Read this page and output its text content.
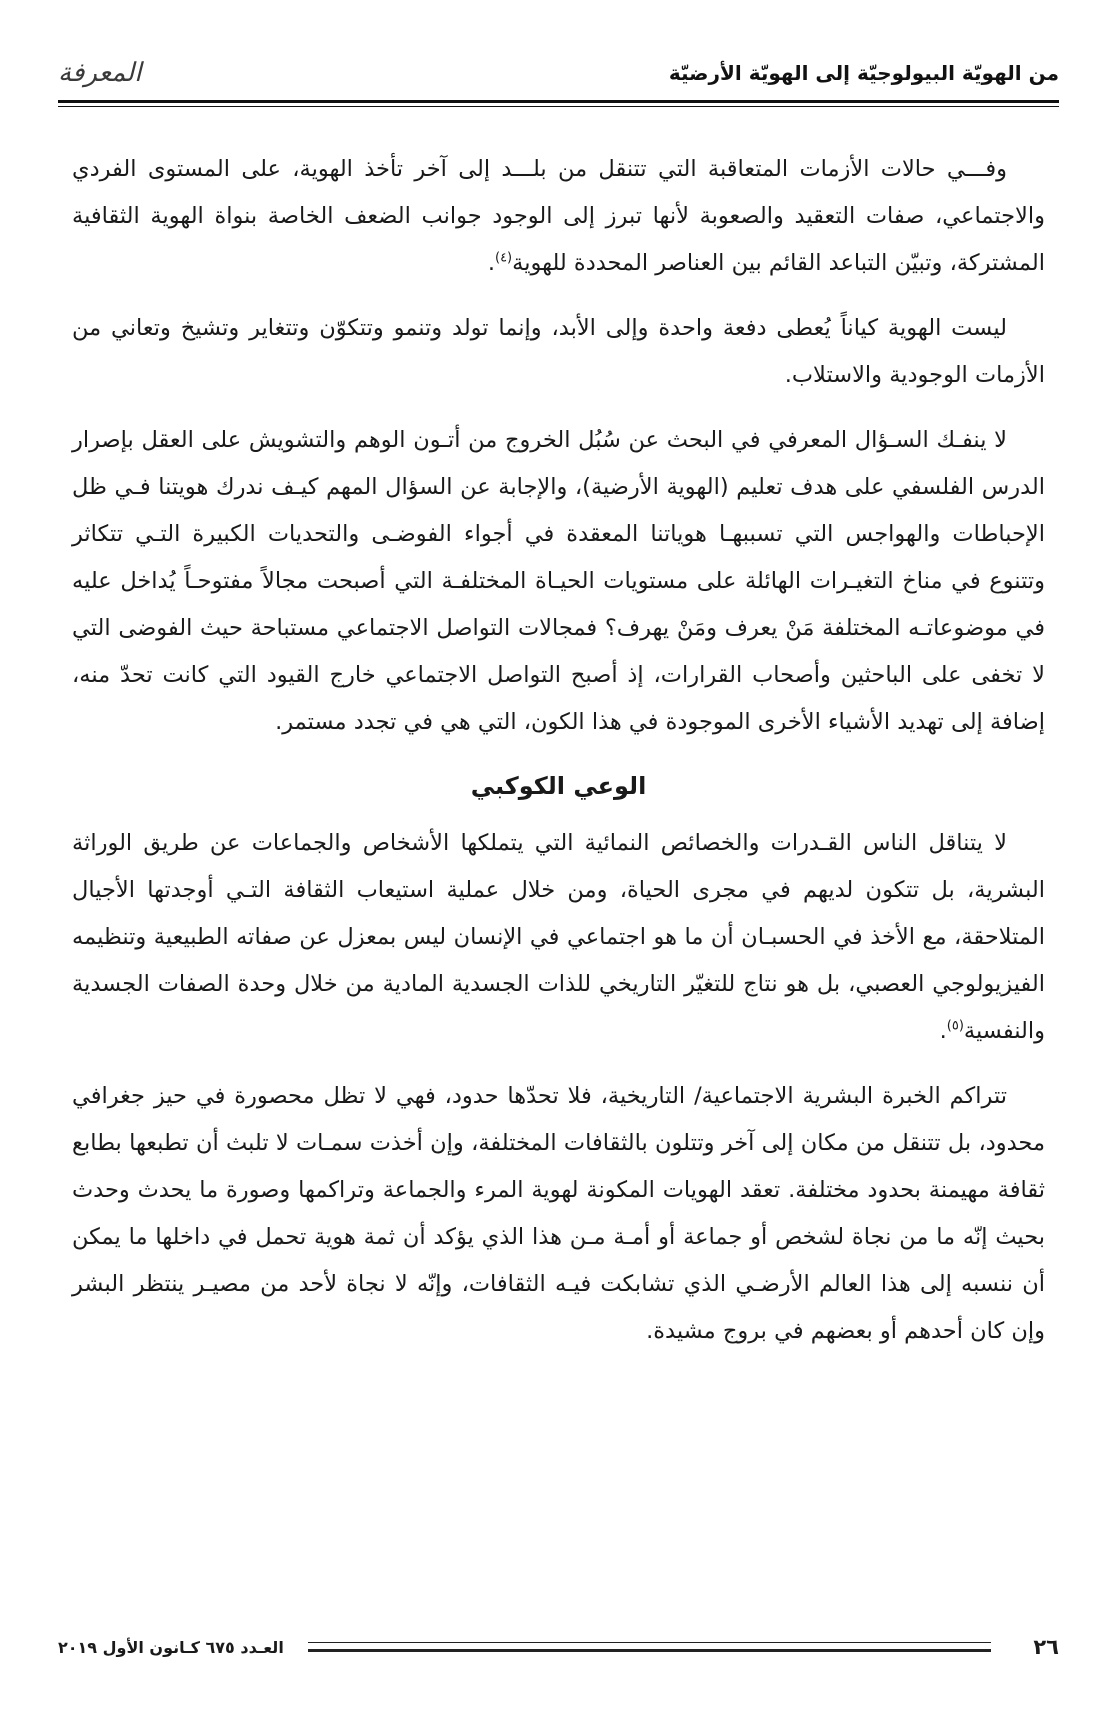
من الهويّة البيولوجيّة إلى الهويّة الأرضيّة
المعرفة

وفـــي حالات الأزمات المتعاقبة التي تتنقل من بلـــد إلى آخر تأخذ الهوية، على المستوى الفردي والاجتماعي، صفات التعقيد والصعوبة لأنها تبرز إلى الوجود جوانب الضعف الخاصة بنواة الهوية الثقافية المشتركة، وتبيّن التباعد القائم بين العناصر المحددة للهوية$^{(٤)}$.

ليست الهوية كياناً يُعطى دفعة واحدة وإلى الأبد، وإنما تولد وتنمو وتتكوّن وتتغاير وتشيخ وتعاني من الأزمات الوجودية والاستلاب.

لا ينفـك السـؤال المعرفي في البحث عن سُبُل الخروج من أتـون الوهم والتشويش على العقل بإصرار الدرس الفلسفي على هدف تعليم (الهوية الأرضية)، والإجابة عن السؤال المهم كيـف ندرك هويتنا فـي ظل الإحباطات والهواجس التي تسببهـا هوياتنا المعقدة في أجواء الفوضـى والتحديات الكبيرة التـي تتكاثر وتتنوع في مناخ التغيـرات الهائلة على مستويات الحيـاة المختلفـة التي أصبحت مجالاً مفتوحـاً يُداخل عليه في موضوعاتـه المختلفة مَنْ يعرف ومَنْ يهرف؟ فمجالات التواصل الاجتماعي مستباحة حيث الفوضى التي لا تخفى على الباحثين وأصحاب القرارات، إذ أصبح التواصل الاجتماعي خارج القيود التي كانت تحدّ منه، إضافة إلى تهديد الأشياء الأخرى الموجودة في هذا الكون، التي هي في تجدد مستمر.

الوعي الكوكبي

لا يتناقل الناس القـدرات والخصائص النمائية التي يتملكها الأشخاص والجماعات عن طريق الوراثة البشرية، بل تتكون لديهم في مجرى الحياة، ومن خلال عملية استيعاب الثقافة التـي أوجدتها الأجيال المتلاحقة، مع الأخذ في الحسبـان أن ما هو اجتماعي في الإنسان ليس بمعزل عن صفاته الطبيعية وتنظيمه الفيزيولوجي العصبي، بل هو نتاج للتغيّر التاريخي للذات الجسدية المادية من خلال وحدة الصفات الجسدية والنفسية$^{(٥)}$.

تتراكم الخبرة البشرية الاجتماعية/ التاريخية، فلا تحدّها حدود، فهي لا تظل محصورة في حيز جغرافي محدود، بل تتنقل من مكان إلى آخر وتتلون بالثقافات المختلفة، وإن أخذت سمـات لا تلبث أن تطبعها بطابع ثقافة مهيمنة بحدود مختلفة. تعقد الهويات المكونة لهوية المرء والجماعة وتراكمها وصورة ما يحدث وحدث بحيث إنّه ما من نجاة لشخص أو جماعة أو أمـة مـن هذا الذي يؤكد أن ثمة هوية تحمل في داخلها ما يمكن أن ننسبه إلى هذا العالم الأرضـي الذي تشابكت فيـه الثقافات، وإنّه لا نجاة لأحد من مصيـر ينتظر البشر وإن كان أحدهم أو بعضهم في بروج مشيدة.

٢٦
العـدد ٦٧٥ كـانون الأول ٢٠١٩
